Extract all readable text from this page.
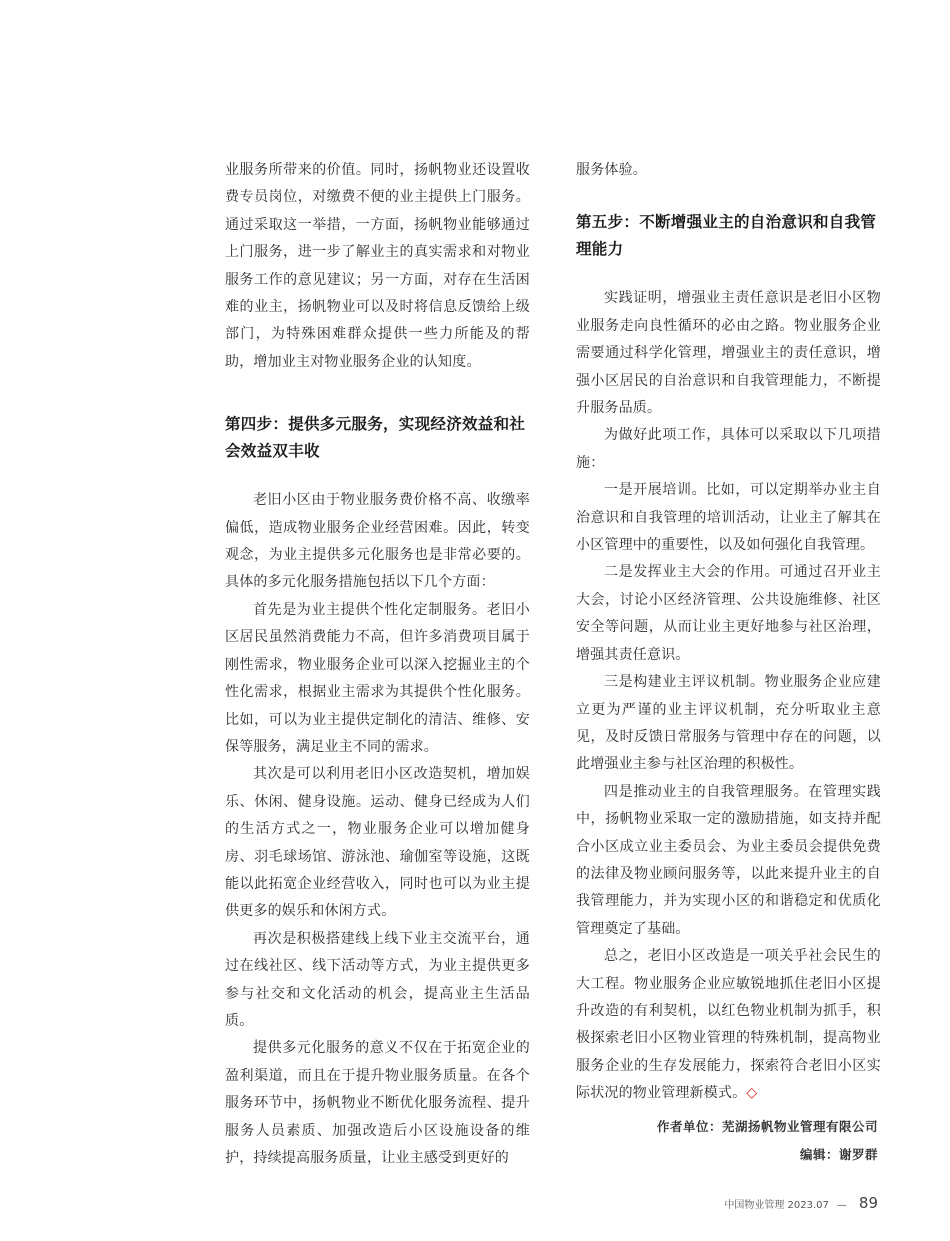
业服务所带来的价值。同时，扬帆物业还设置收费专员岗位，对缴费不便的业主提供上门服务。通过采取这一举措，一方面，扬帆物业能够通过上门服务，进一步了解业主的真实需求和对物业服务工作的意见建议；另一方面，对存在生活困难的业主，扬帆物业可以及时将信息反馈给上级部门，为特殊困难群众提供一些力所能及的帮助，增加业主对物业服务企业的认知度。

第四步：提供多元服务，实现经济效益和社会效益双丰收

老旧小区由于物业服务费价格不高、收缴率偏低，造成物业服务企业经营困难。因此，转变观念，为业主提供多元化服务也是非常必要的。具体的多元化服务措施包括以下几个方面：

首先是为业主提供个性化定制服务。老旧小区居民虽然消费能力不高，但许多消费项目属于刚性需求，物业服务企业可以深入挖掘业主的个性化需求，根据业主需求为其提供个性化服务。比如，可以为业主提供定制化的清洁、维修、安保等服务，满足业主不同的需求。

其次是可以利用老旧小区改造契机，增加娱乐、休闲、健身设施。运动、健身已经成为人们的生活方式之一，物业服务企业可以增加健身房、羽毛球场馆、游泳池、瑜伽室等设施，这既能以此拓宽企业经营收入，同时也可以为业主提供更多的娱乐和休闲方式。

再次是积极搭建线上线下业主交流平台，通过在线社区、线下活动等方式，为业主提供更多参与社交和文化活动的机会，提高业主生活品质。

提供多元化服务的意义不仅在于拓宽企业的盈利渠道，而且在于提升物业服务质量。在各个服务环节中，扬帆物业不断优化服务流程、提升服务人员素质、加强改造后小区设施设备的维护，持续提高服务质量，让业主感受到更好的

服务体验。

第五步：不断增强业主的自治意识和自我管理能力

实践证明，增强业主责任意识是老旧小区物业服务走向良性循环的必由之路。物业服务企业需要通过科学化管理，增强业主的责任意识，增强小区居民的自治意识和自我管理能力，不断提升服务品质。

为做好此项工作，具体可以采取以下几项措施：

一是开展培训。比如，可以定期举办业主自治意识和自我管理的培训活动，让业主了解其在小区管理中的重要性，以及如何强化自我管理。

二是发挥业主大会的作用。可通过召开业主大会，讨论小区经济管理、公共设施维修、社区安全等问题，从而让业主更好地参与社区治理，增强其责任意识。

三是构建业主评议机制。物业服务企业应建立更为严谨的业主评议机制，充分听取业主意见，及时反馈日常服务与管理中存在的问题，以此增强业主参与社区治理的积极性。

四是推动业主的自我管理服务。在管理实践中，扬帆物业采取一定的激励措施，如支持并配合小区成立业主委员会、为业主委员会提供免费的法律及物业顾问服务等，以此来提升业主的自我管理能力，并为实现小区的和谐稳定和优质化管理奠定了基础。

总之，老旧小区改造是一项关乎社会民生的大工程。物业服务企业应敏锐地抓住老旧小区提升改造的有利契机，以红色物业机制为抓手，积极探索老旧小区物业管理的特殊机制，提高物业服务企业的生存发展能力，探索符合老旧小区实际状况的物业管理新模式。◇

作者单位：芜湖扬帆物业管理有限公司
编辑：谢罗群
中国物业管理 2023.07 — 89
